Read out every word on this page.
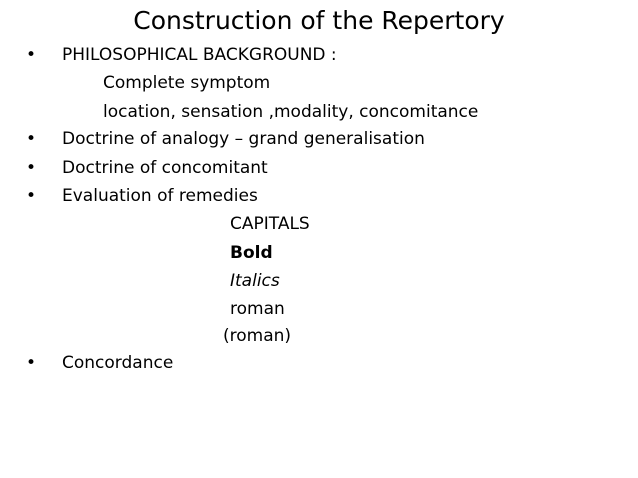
Construction of the Repertory
• PHILOSOPHICAL BACKGROUND :
Complete symptom
location, sensation ,modality, concomitance
• Doctrine of analogy – grand generalisation
• Doctrine of concomitant
• Evaluation of remedies
CAPITALS
Bold
Italics
roman
(roman)
• Concordance
